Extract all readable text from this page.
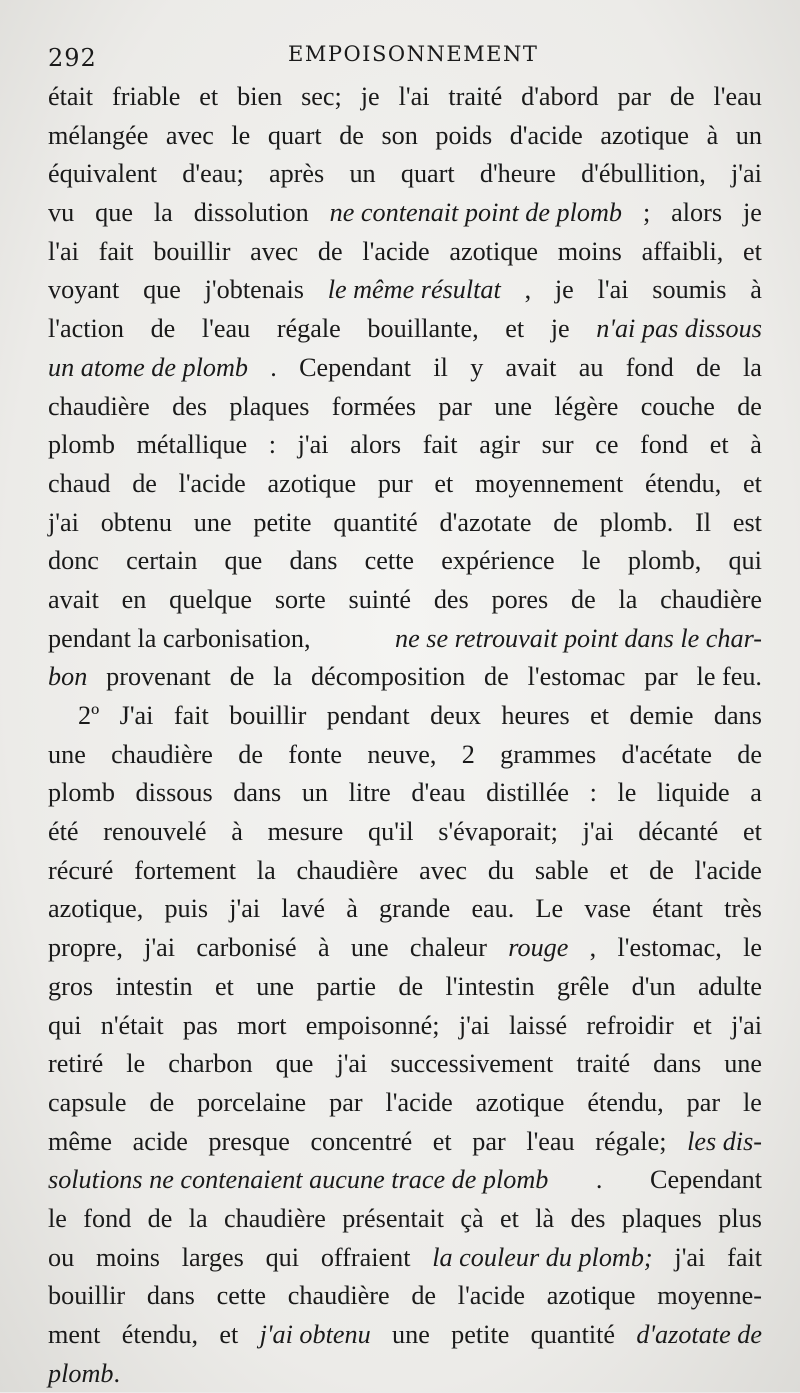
292	EMPOISONNEMENT
était friable et bien sec; je l'ai traité d'abord par de l'eau
mélangée avec le quart de son poids d'acide azotique à un
équivalent d'eau; après un quart d'heure d'ébullition, j'ai
vu que la dissolution ne contenait point de plomb ; alors je
l'ai fait bouillir avec de l'acide azotique moins affaibli, et
voyant que j'obtenais le même résultat , je l'ai soumis à
l'action de l'eau régale bouillante, et je n'ai pas dissous
un atome de plomb . Cependant il y avait au fond de la
chaudière des plaques formées par une légère couche de
plomb métallique : j'ai alors fait agir sur ce fond et à
chaud de l'acide azotique pur et moyennement étendu, et
j'ai obtenu une petite quantité d'azotate de plomb. Il est
donc certain que dans cette expérience le plomb, qui
avait en quelque sorte suinté des pores de la chaudière
pendant la carbonisation,	ne se retrouvait point dans le char-
bon provenant de la décomposition de l'estomac par le feu.
2º J'ai fait bouillir pendant deux heures et demie dans
une chaudière de fonte neuve, 2 grammes d'acétate de
plomb dissous dans un litre d'eau distillée : le liquide a
été renouvelé à mesure qu'il s'évaporait; j'ai décanté et
récuré fortement la chaudière avec du sable et de l'acide
azotique, puis j'ai lavé à grande eau. Le vase étant très
propre, j'ai carbonisé à une chaleur rouge , l'estomac, le
gros intestin et une partie de l'intestin grêle d'un adulte
qui n'était pas mort empoisonné; j'ai laissé refroidir et j'ai
retiré le charbon que j'ai successivement traité dans une
capsule de porcelaine par l'acide azotique étendu, par le
même acide presque concentré et par l'eau régale; les dis-
solutions ne contenaient aucune trace de plomb . Cependant
le fond de la chaudière présentait çà et là des plaques plus
ou moins larges qui offraient la couleur du plomb; j'ai fait
bouillir dans cette chaudière de l'acide azotique moyenne-
ment étendu, et j'ai obtenu une petite quantité d'azotate de
plomb .
